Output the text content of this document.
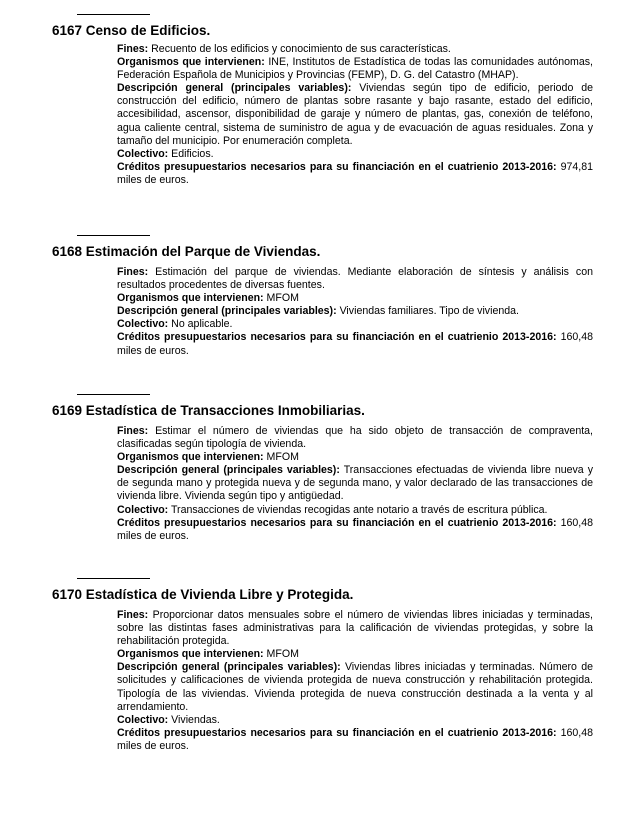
6167 Censo de Edificios.

Fines: Recuento de los edificios y conocimiento de sus características.

Organismos que intervienen: INE, Institutos de Estadística de todas las comunidades autónomas, Federación Española de Municipios y Provincias (FEMP), D. G. del Catastro (MHAP).

Descripción general (principales variables): Viviendas según tipo de edificio, periodo de construcción del edificio, número de plantas sobre rasante y bajo rasante, estado del edificio, accesibilidad, ascensor, disponibilidad de garaje y número de plantas, gas, conexión de teléfono, agua caliente central, sistema de suministro de agua y de evacuación de aguas residuales. Zona y tamaño del municipio. Por enumeración completa.

Colectivo: Edificios.

Créditos presupuestarios necesarios para su financiación en el cuatrienio 2013-2016: 974,81 miles de euros.

6168 Estimación del Parque de Viviendas.

Fines: Estimación del parque de viviendas. Mediante elaboración de síntesis y análisis con resultados procedentes de diversas fuentes.

Organismos que intervienen: MFOM

Descripción general (principales variables): Viviendas familiares. Tipo de vivienda.

Colectivo: No aplicable.

Créditos presupuestarios necesarios para su financiación en el cuatrienio 2013-2016: 160,48 miles de euros.

6169 Estadística de Transacciones Inmobiliarias.

Fines: Estimar el número de viviendas que ha sido objeto de transacción de compraventa, clasificadas según tipología de vivienda.

Organismos que intervienen: MFOM

Descripción general (principales variables): Transacciones efectuadas de vivienda libre nueva y de segunda mano y protegida nueva y de segunda mano, y valor declarado de las transacciones de vivienda libre. Vivienda según tipo y antigüedad.

Colectivo: Transacciones de viviendas recogidas ante notario a través de escritura pública.

Créditos presupuestarios necesarios para su financiación en el cuatrienio 2013-2016: 160,48 miles de euros.

6170 Estadística de Vivienda Libre y Protegida.

Fines: Proporcionar datos mensuales sobre el número de viviendas libres iniciadas y terminadas, sobre las distintas fases administrativas para la calificación de viviendas protegidas, y sobre la rehabilitación protegida.

Organismos que intervienen: MFOM

Descripción general (principales variables): Viviendas libres iniciadas y terminadas. Número de solicitudes y calificaciones de vivienda protegida de nueva construcción y rehabilitación protegida. Tipología de las viviendas. Vivienda protegida de nueva construcción destinada a la venta y al arrendamiento.

Colectivo: Viviendas.

Créditos presupuestarios necesarios para su financiación en el cuatrienio 2013-2016: 160,48 miles de euros.
